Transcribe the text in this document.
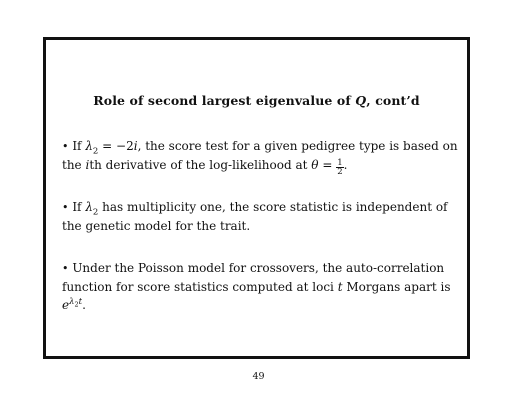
Role of second largest eigenvalue of Q, cont’d
• If $\lambda_2 = -2i$, the score test for a given pedigree type is based on the ith derivative of the log-likelihood at $\theta = \frac{1}{2}$ .
• If $\lambda_2$ has multiplicity one, the score statistic is independent of the genetic model for the trait.
• Under the Poisson model for crossovers, the auto-correlation function for score statistics computed at loci t Morgans apart is $e^{\lambda_2t}$.
49
